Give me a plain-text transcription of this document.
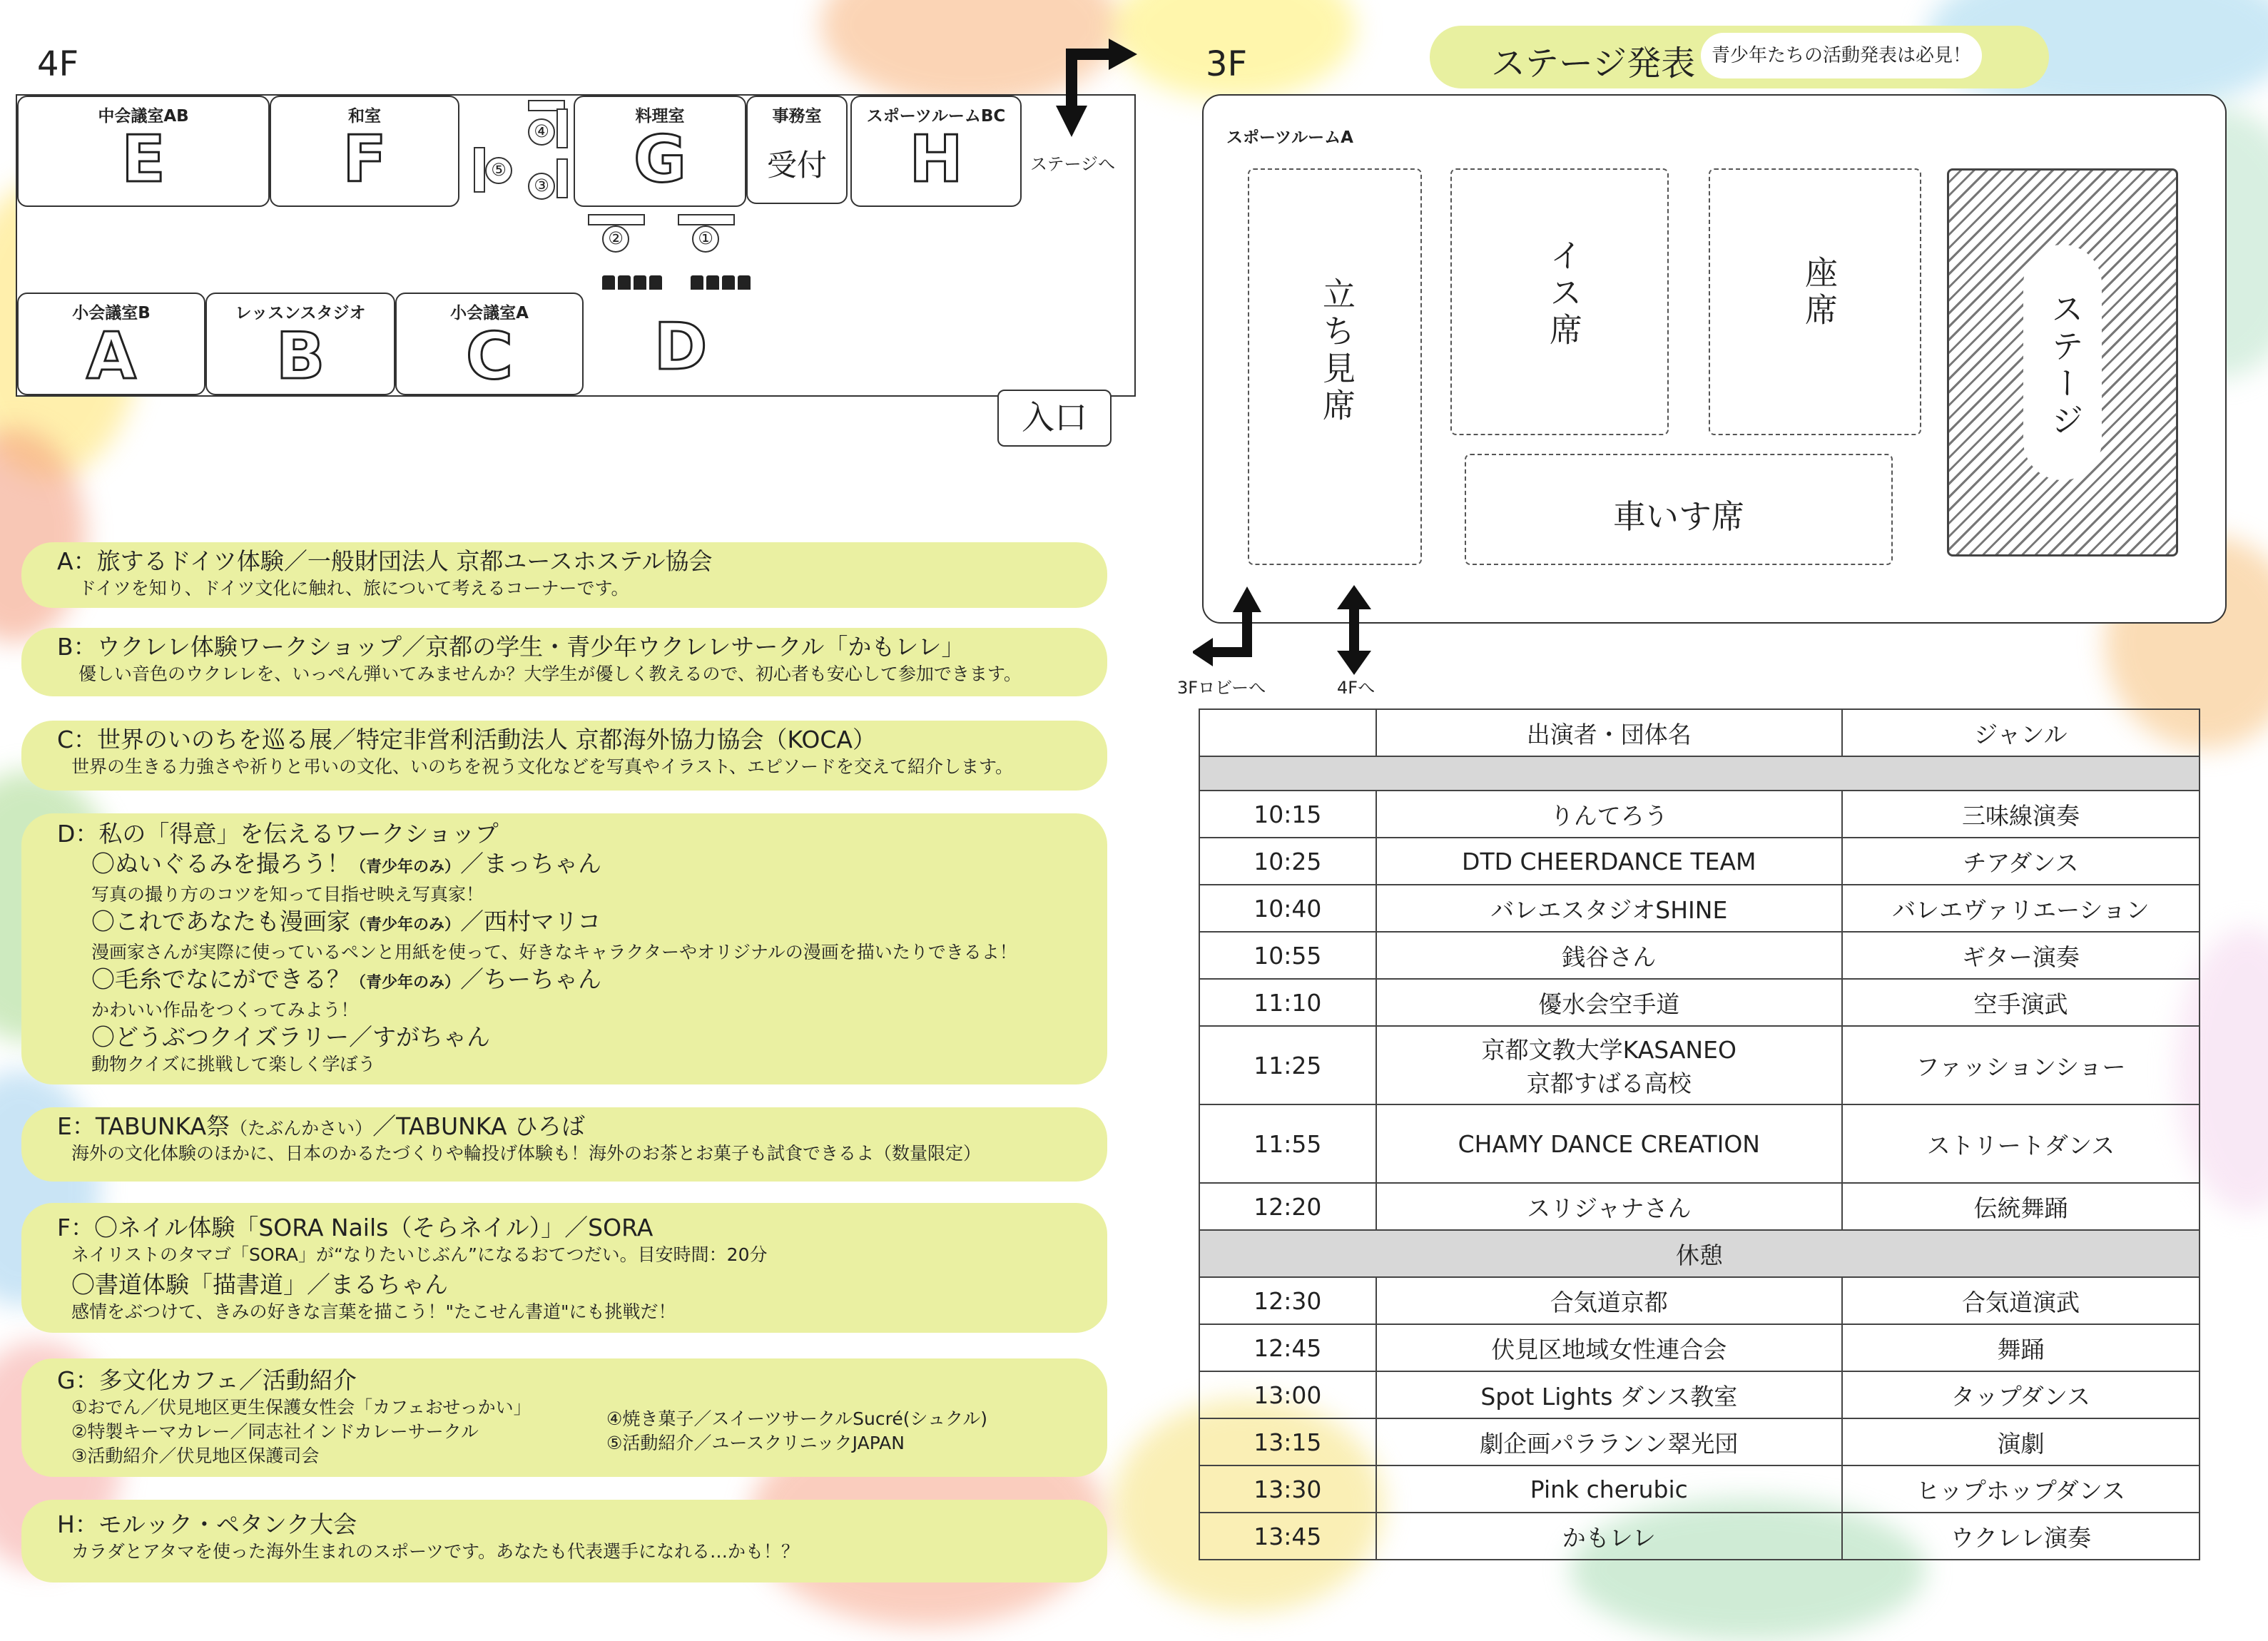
4F
中会議室AB
E
和室
F	⑤
④
③
料理室
G
②	①
事務室
受付
スポーツルームBC
H	ステージへ
小会議室B
A
レッスンスタジオ
B
小会議室A
C	D
入口
A：旅するドイツ体験／一般財団法人 京都ユースホステル協会
ドイツを知り、ドイツ文化に触れ、旅について考えるコーナーです。
B：ウクレレ体験ワークショップ／京都の学生・青少年ウクレレサークル「かもレレ」
優しい音色のウクレレを、いっぺん弾いてみませんか？大学生が優しく教えるので、初心者も安心して参加できます。
C：世界のいのちを巡る展／特定非営利活動法人 京都海外協力協会（KOCA）
世界の生きる力強さや祈りと弔いの文化、いのちを祝う文化などを写真やイラスト、エピソードを交えて紹介します。
D：私の「得意」を伝えるワークショップ
〇ぬいぐるみを撮ろう！（青少年のみ）／まっちゃん
写真の撮り方のコツを知って目指せ映え写真家！
〇これであなたも漫画家（青少年のみ）／西村マリコ
漫画家さんが実際に使っているペンと用紙を使って、好きなキャラクターやオリジナルの漫画を描いたりできるよ！
〇毛糸でなにができる？（青少年のみ）／ちーちゃん
かわいい作品をつくってみよう！
〇どうぶつクイズラリー／すがちゃん
動物クイズに挑戦して楽しく学ぼう
E：TABUNKA祭（たぶんかさい）／TABUNKA ひろば
海外の文化体験のほかに、日本のかるたづくりや輪投げ体験も！海外のお茶とお菓子も試食できるよ（数量限定）
F：〇ネイル体験「SORA Nails（そらネイル）」／SORA
ネイリストのタマゴ「SORA」が“なりたいじぶん”になるおてつだい。目安時間：20分
〇書道体験「描書道」／まるちゃん
感情をぶつけて、きみの好きな言葉を描こう！"たこせん書道"にも挑戦だ！
G：多文化カフェ／活動紹介
①おでん／伏見地区更生保護女性会「カフェおせっかい」
②特製キーマカレー／同志社インドカレーサークル
③活動紹介／伏見地区保護司会
④焼き菓子／スイーツサークルSucré(シュクル)
⑤活動紹介／ユースクリニックJAPAN
H：モルック・ペタンク大会
カラダとアタマを使った海外生まれのスポーツです。あなたも代表選手になれる…かも！？
3F	ステージ発表 青少年たちの活動発表は必見！
スポーツルームA
立ち見席	イス席	座席	ステージ
車いす席
3Fロビーへ	4Fへ
	出演者・団体名	ジャンル

10:15	りんてろう	三味線演奏
10:25	DTD CHEERDANCE TEAM	チアダンス
10:40	バレエスタジオSHINE	バレエヴァリエーション
10:55	銭谷さん	ギター演奏
11:10	優水会空手道	空手演武
11:25	京都文教大学KASANEO
京都すばる高校	ファッションショー
11:55	CHAMY DANCE CREATION	ストリートダンス
12:20	スリジャナさん	伝統舞踊
休憩		
12:30	合気道京都	合気道演武
12:45	伏見区地域女性連合会	舞踊
13:00	Spot Lights ダンス教室	タップダンス
13:15	劇企画パラランン翠光団	演劇
13:30	Pink cherubic	ヒップホップダンス
13:45	かもレレ	ウクレレ演奏
